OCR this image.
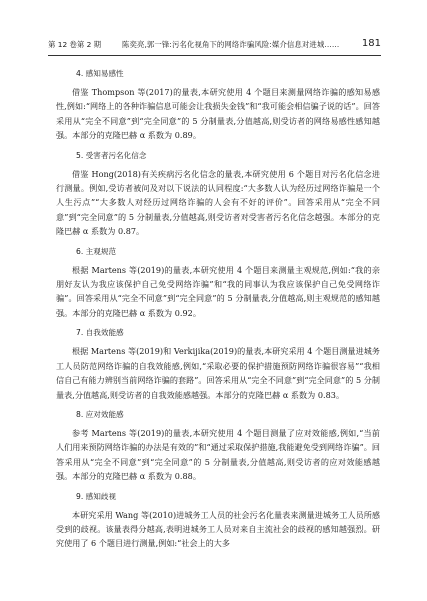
第 12 卷第 2 期	陈奕亮,郭一锋:污名化视角下的网络诈骗风险:媒介信息对进城…… 181
4. 感知易感性

借鉴 Thompson 等(2017)的量表,本研究使用 4 个题目来测量网络诈骗的感知易感性,例如:“网络上的各种诈骗信息可能会让我损失金钱”和“我可能会相信骗子说的话”。回答采用从“完全不同意”到“完全同意”的 5 分制量表,分值越高,则受访者的网络易感性感知越强。本部分的克隆巴赫 α 系数为 0.89。

5. 受害者污名化信念

借鉴 Hong(2018)有关疾病污名化信念的量表,本研究使用 6 个题目对污名化信念进行测量。例如,受访者被问及对以下说法的认同程度:“大多数人认为经历过网络诈骗是一个人生污点”“大多数人对经历过网络诈骗的人会有不好的评价”。回答采用从“完全不同意”到“完全同意”的 5 分制量表,分值越高,则受访者对受害者污名化信念越强。本部分的克隆巴赫 α 系数为 0.87。

6. 主观规范

根据 Martens 等(2019)的量表,本研究使用 4 个题目来测量主观规范,例如:“我的亲朋好友认为我应该保护自己免受网络诈骗”和“我的同事认为我应该保护自己免受网络诈骗”。回答采用从“完全不同意”到“完全同意”的 5 分制量表,分值越高,则主观规范的感知越强。本部分的克隆巴赫 α 系数为 0.92。

7. 自我效能感

根据 Martens 等(2019)和 Verkijika(2019)的量表,本研究采用 4 个题目测量进城务工人员防范网络诈骗的自我效能感,例如,“采取必要的保护措施预防网络诈骗很容易”“我相信自己有能力辨别当前网络诈骗的套路”。回答采用从“完全不同意”到“完全同意”的 5 分制量表,分值越高,则受访者的自我效能感越强。本部分的克隆巴赫 α 系数为 0.83。

8. 应对效能感

参考 Martens 等(2019)的量表,本研究使用 4 个题目测量了应对效能感,例如,“当前人们用来预防网络诈骗的办法是有效的”和“通过采取保护措施,我能避免受到网络诈骗”。回答采用从“完全不同意”到“完全同意”的 5 分制量表,分值越高,则受访者的应对效能感越强。本部分的克隆巴赫 α 系数为 0.88。

9. 感知歧视

本研究采用 Wang 等(2010)进城务工人员的社会污名化量表来测量进城务工人员所感受到的歧视。该量表得分越高,表明进城务工人员对来自主流社会的歧视的感知越强烈。研究使用了 6 个题目进行测量,例如:“社会上的大多
